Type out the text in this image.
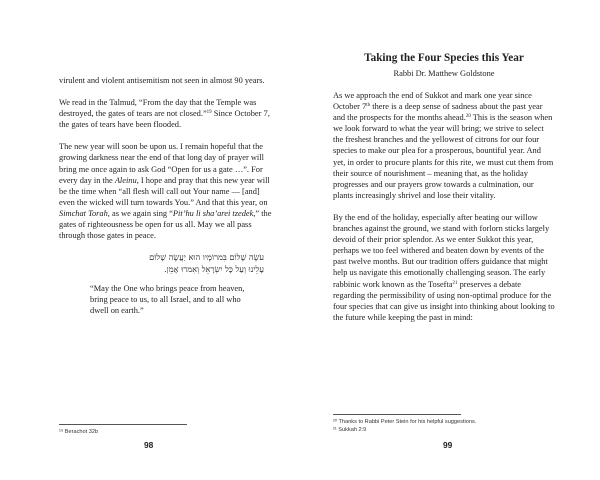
virulent and violent antisemitism not seen in almost 90 years.

We read in the Talmud, “From the day that the Temple was destroyed, the gates of tears are not closed.”$^{19}$ Since October 7, the gates of tears have been flooded.

The new year will soon be upon us. I remain hopeful that the growing darkness near the end of that long day of prayer will bring me once again to ask God “Open for us a gate …”. For every day in the Aleinu, I hope and pray that this new year will be the time when “all flesh will call out Your name — [and] even the wicked will turn towards You.” And that this year, on Simchat Torah, as we again sing “Pit’hu li sha’arei tzedek,” the gates of righteousness be open for us all. May we all pass through those gates in peace.

עֹשֶׂה שָׁלוֹם בִּמרוֹמָיו הוּא יַעֲשֶׂה שָׁלוֹם
עָלֵינוּ וְעַל כָּל יִשְׂרָאֵל וְאִמרוּ אָמֵן.

“May the One who brings peace from heaven, bring peace to us, to all Israel, and to all who dwell on earth.”

¹⁹ Berachot 32b
98
Taking the Four Species this Year
Rabbi Dr. Matthew Goldstone

As we approach the end of Sukkot and mark one year since October 7th there is a deep sense of sadness about the past year and the prospects for the months ahead.$^{20}$ This is the season when we look forward to what the year will bring; we strive to select the freshest branches and the yellowest of citrons for our four species to make our plea for a prosperous, bountiful year. And yet, in order to procure plants for this rite, we must cut them from their source of nourishment – meaning that, as the holiday progresses and our prayers grow towards a culmination, our plants increasingly shrivel and lose their vitality.

By the end of the holiday, especially after beating our willow branches against the ground, we stand with forlorn sticks largely devoid of their prior splendor. As we enter Sukkot this year, perhaps we too feel withered and beaten down by events of the past twelve months. But our tradition offers guidance that might help us navigate this emotionally challenging season. The early rabbinic work known as the Tosefta$^{21}$ preserves a debate regarding the permissibility of using non-optimal produce for the four species that can give us insight into thinking about looking to the future while keeping the past in mind:

²⁰ Thanks to Rabbi Peter Stein for his helpful suggestions.
²¹ Sukkah 2:9
99
